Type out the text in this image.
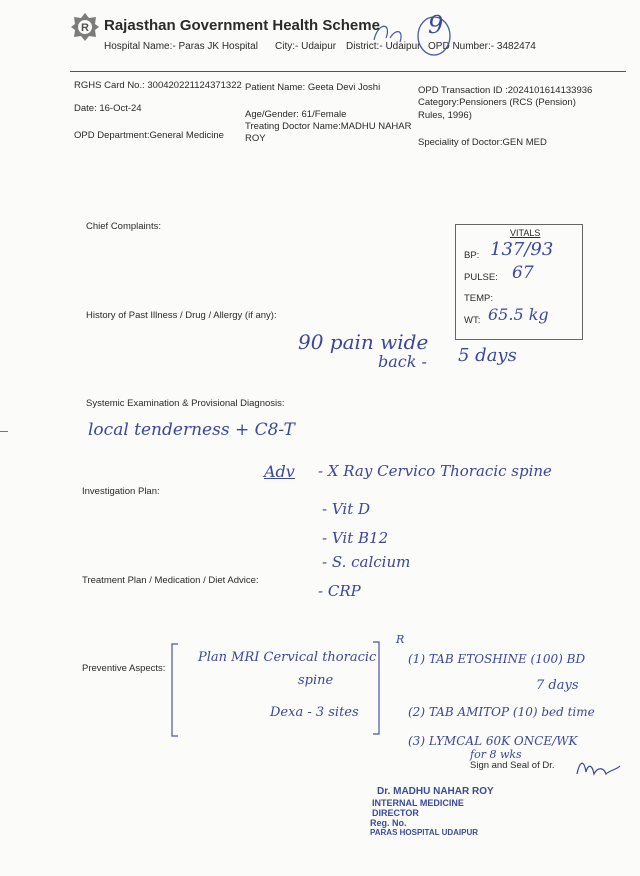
R Rajasthan Government Health Scheme
Hospital Name:- Paras JK Hospital City:- Udaipur District:- Udaipur OPD Number:- 3482474
9
RGHS Card No.: 300420221124371322 Patient Name: Geeta Devi Joshi	OPD Transaction ID :2024101614133936
Date: 16-Oct-24
Age/Gender: 61/Female
Category:Pensioners (RCS (Pension)
Rules, 1996)
Treating Doctor Name:MADHU NAHAR
ROY
OPD Department:General Medicine
Speciality of Doctor:GEN MED
Chief Complaints:
History of Past Illness / Drug / Allergy (if any):
Systemic Examination & Provisional Diagnosis:
Investigation Plan:
Treatment Plan / Medication / Diet Advice:
Preventive Aspects:
VITALS
BP: 137/93
PULSE: 67
TEMP:
WT: 65.5 kg
90 pain wide
back - 5 days
local tenderness + C8-T
Adv - X Ray Cervico Thoracic spine
- Vit D
- Vit B12
- S. calcium
- CRP
Plan MRI Cervical thoracic
spine
Dexa - 3 sites
R
(1) TAB ETOSHINE (100) BD
7 days
(2) TAB AMITOP (10) bed time
(3) LYMCAL 60K ONCE/WK
for 8 wks
Sign and Seal of Dr.
Dr. MADHU NAHAR ROY
INTERNAL MEDICINE
DIRECTOR
Reg. No.
PARAS HOSPITAL UDAIPUR
